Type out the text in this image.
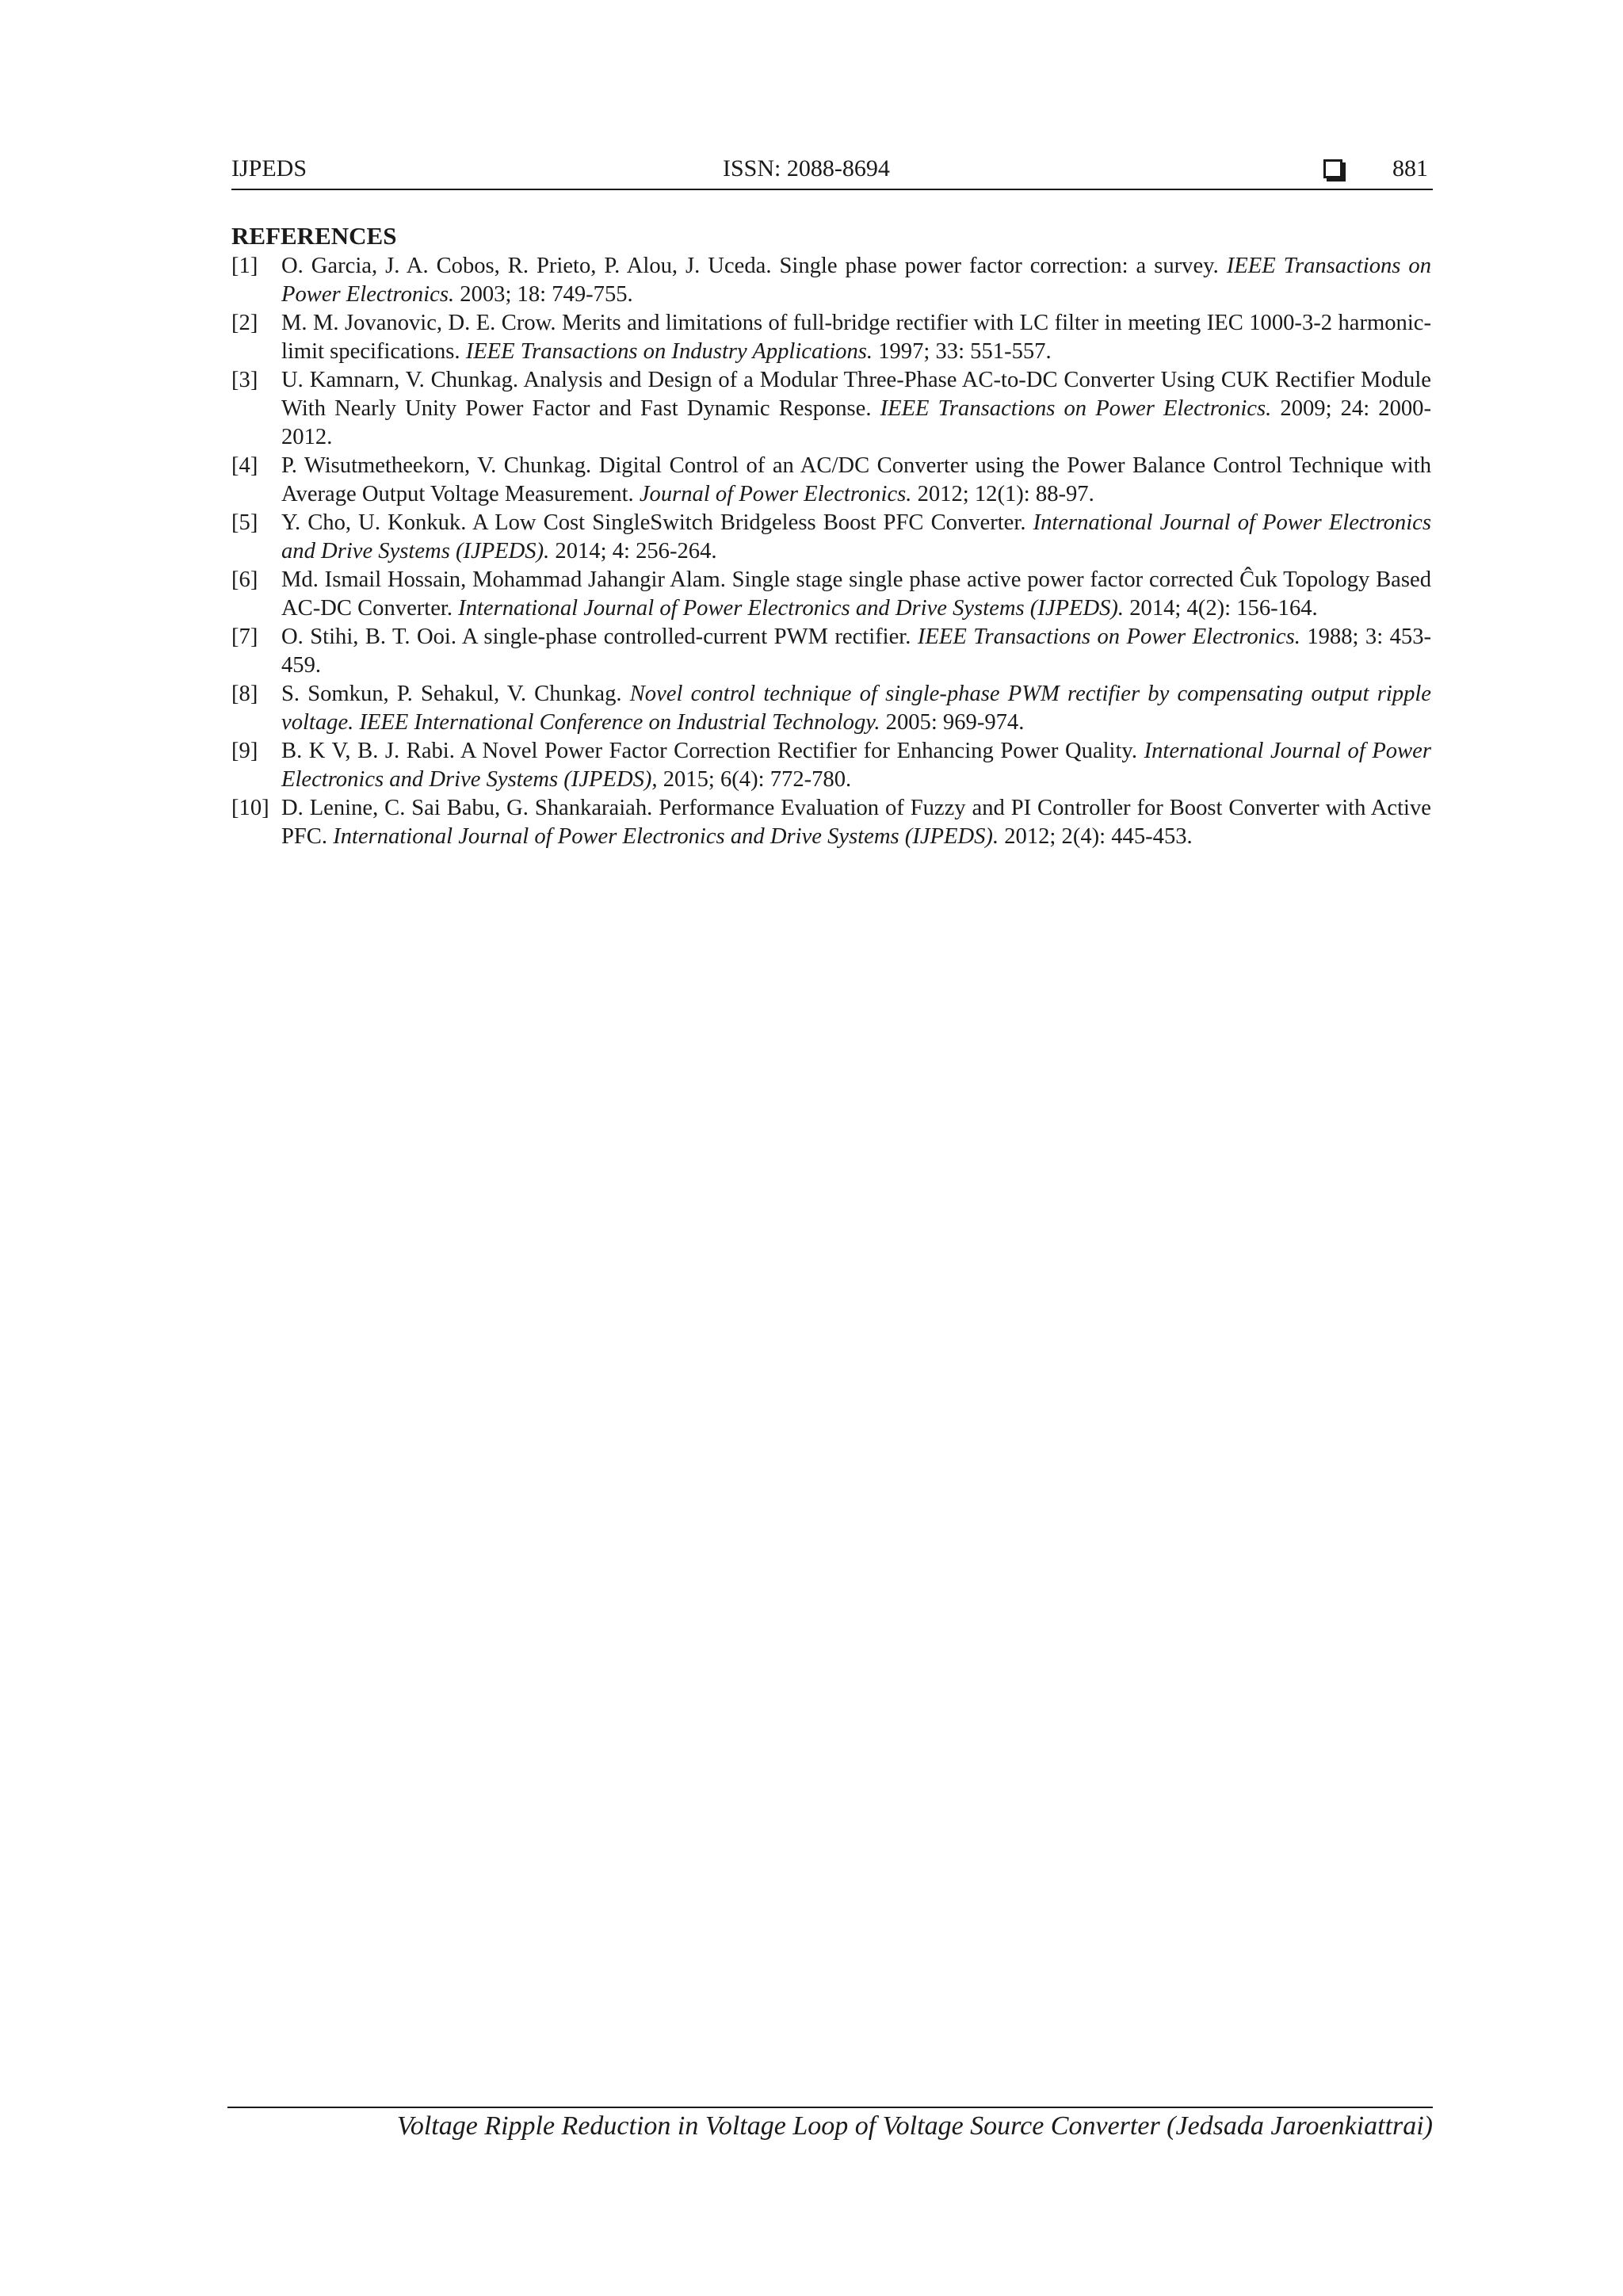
IJPEDS	ISSN: 2088-8694	881
REFERENCES
[1] O. Garcia, J. A. Cobos, R. Prieto, P. Alou, J. Uceda. Single phase power factor correction: a survey. IEEE Transactions on Power Electronics. 2003; 18: 749-755.
[2] M. M. Jovanovic, D. E. Crow. Merits and limitations of full-bridge rectifier with LC filter in meeting IEC 1000-3-2 harmonic-limit specifications. IEEE Transactions on Industry Applications. 1997; 33: 551-557.
[3] U. Kamnarn, V. Chunkag. Analysis and Design of a Modular Three-Phase AC-to-DC Converter Using CUK Rectifier Module With Nearly Unity Power Factor and Fast Dynamic Response. IEEE Transactions on Power Electronics. 2009; 24: 2000-2012.
[4] P. Wisutmetheekorn, V. Chunkag. Digital Control of an AC/DC Converter using the Power Balance Control Technique with Average Output Voltage Measurement. Journal of Power Electronics. 2012; 12(1): 88-97.
[5] Y. Cho, U. Konkuk. A Low Cost SingleSwitch Bridgeless Boost PFC Converter. International Journal of Power Electronics and Drive Systems (IJPEDS). 2014; 4: 256-264.
[6] Md. Ismail Hossain, Mohammad Jahangir Alam. Single stage single phase active power factor corrected Ĉuk Topology Based AC-DC Converter. International Journal of Power Electronics and Drive Systems (IJPEDS). 2014; 4(2): 156-164.
[7] O. Stihi, B. T. Ooi. A single-phase controlled-current PWM rectifier. IEEE Transactions on Power Electronics. 1988; 3: 453-459.
[8] S. Somkun, P. Sehakul, V. Chunkag. Novel control technique of single-phase PWM rectifier by compensating output ripple voltage. IEEE International Conference on Industrial Technology. 2005: 969-974.
[9] B. K V, B. J. Rabi. A Novel Power Factor Correction Rectifier for Enhancing Power Quality. International Journal of Power Electronics and Drive Systems (IJPEDS), 2015; 6(4): 772-780.
[10] D. Lenine, C. Sai Babu, G. Shankaraiah. Performance Evaluation of Fuzzy and PI Controller for Boost Converter with Active PFC. International Journal of Power Electronics and Drive Systems (IJPEDS). 2012; 2(4): 445-453.
Voltage Ripple Reduction in Voltage Loop of Voltage Source Converter (Jedsada Jaroenkiattrai)
